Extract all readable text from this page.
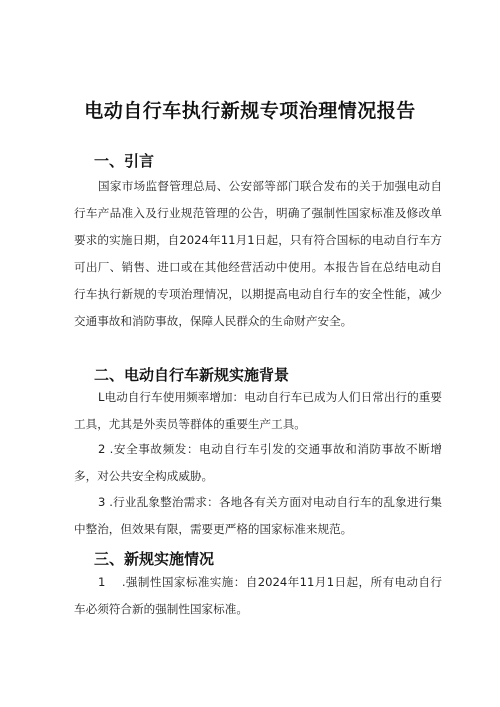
电动自行车执行新规专项治理情况报告
一、引言

国家市场监督管理总局、公安部等部门联合发布的关于加强电动自行车产品准入及行业规范管理的公告，明确了强制性国家标准及修改单要求的实施日期，自2024年11月1日起，只有符合国标的电动自行车方可出厂、销售、进口或在其他经营活动中使用。本报告旨在总结电动自行车执行新规的专项治理情况，以期提高电动自行车的安全性能，减少交通事故和消防事故，保障人民群众的生命财产安全。

二、电动自行车新规实施背景

L电动自行车使用频率增加：电动自行车已成为人们日常出行的重要工具，尤其是外卖员等群体的重要生产工具。

2 .安全事故频发：电动自行车引发的交通事故和消防事故不断增多，对公共安全构成威胁。

3 .行业乱象整治需求：各地各有关方面对电动自行车的乱象进行集中整治，但效果有限，需要更严格的国家标准来规范。

三、新规实施情况

1　 .强制性国家标准实施：自2024年11月1日起，所有电动自行车必须符合新的强制性国家标准。
